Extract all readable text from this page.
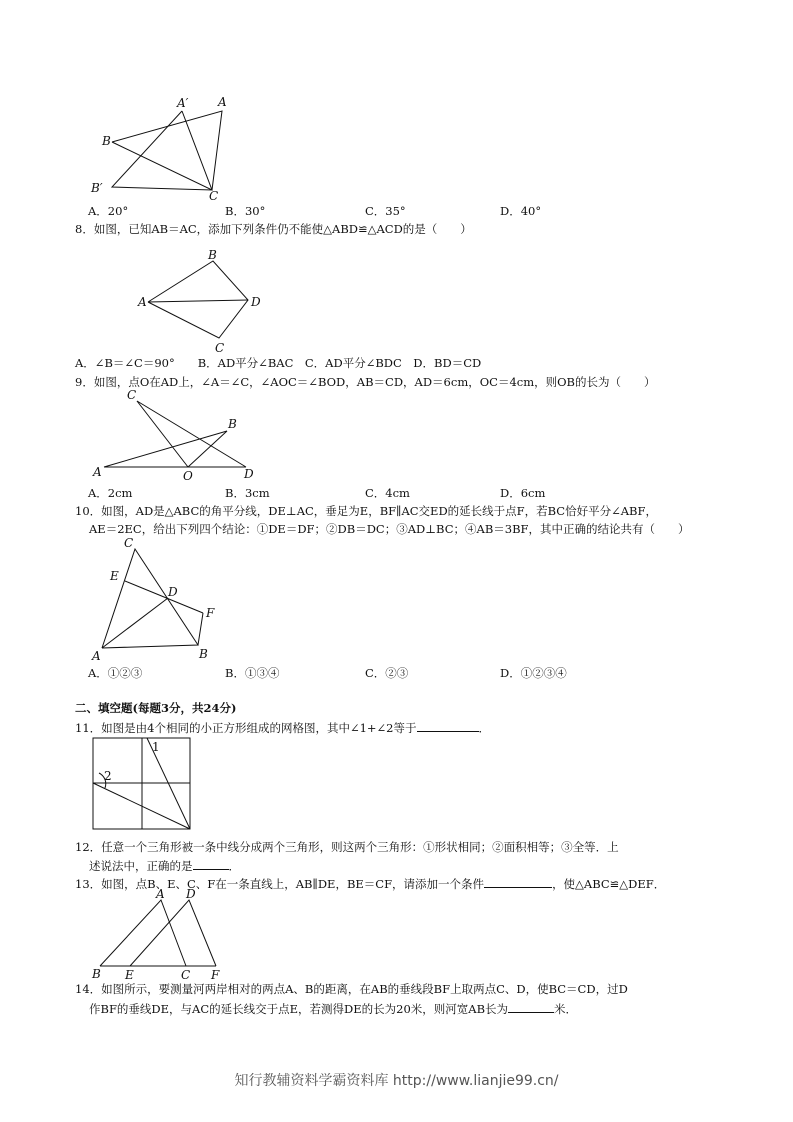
A′ A
B
B′
C
A．20°	B．30°	C．35°	D．40°
8．如图，已知AB＝AC，添加下列条件仍不能使△ABD≌△ACD的是（　　）
B
A	D
C
A．∠B＝∠C＝90°　　B．AD平分∠BAC　C．AD平分∠BDC　D．BD＝CD
9．如图，点O在AD上，∠A＝∠C，∠AOC＝∠BOD，AB＝CD，AD＝6cm，OC＝4cm，则OB的长为（　　）
C
B
A	O	D
A．2cm	B．3cm	C．4cm	D．6cm
10．如图，AD是△ABC的角平分线，DE⊥AC，垂足为E，BF∥AC交ED的延长线于点F，若BC恰好平分∠ABF，
AE＝2EC，给出下列四个结论：①DE＝DF；②DB＝DC；③AD⊥BC；④AB＝3BF，其中正确的结论共有（　　）
C
E
D
F
A	B
A．①②③	B．①③④	C．②③	D．①②③④
二、填空题(每题3分，共24分)
11．如图是由4个相同的小正方形组成的网格图，其中∠1+∠2等于	．
1
2
12．任意一个三角形被一条中线分成两个三角形，则这两个三角形：①形状相同；②面积相等；③全等．上
述说法中，正确的是	．
13．如图，点B、E、C、F在一条直线上，AB∥DE，BE＝CF，请添加一个条件	，使△ABC≌△DEF．
A D
B E	C F
14．如图所示，要测量河两岸相对的两点A、B的距离，在AB的垂线段BF上取两点C、D，使BC＝CD，过D
作BF的垂线DE，与AC的延长线交于点E，若测得DE的长为20米，则河宽AB长为	米．
知行教辅资料学霸资料库 http://www.lianjie99.cn/
